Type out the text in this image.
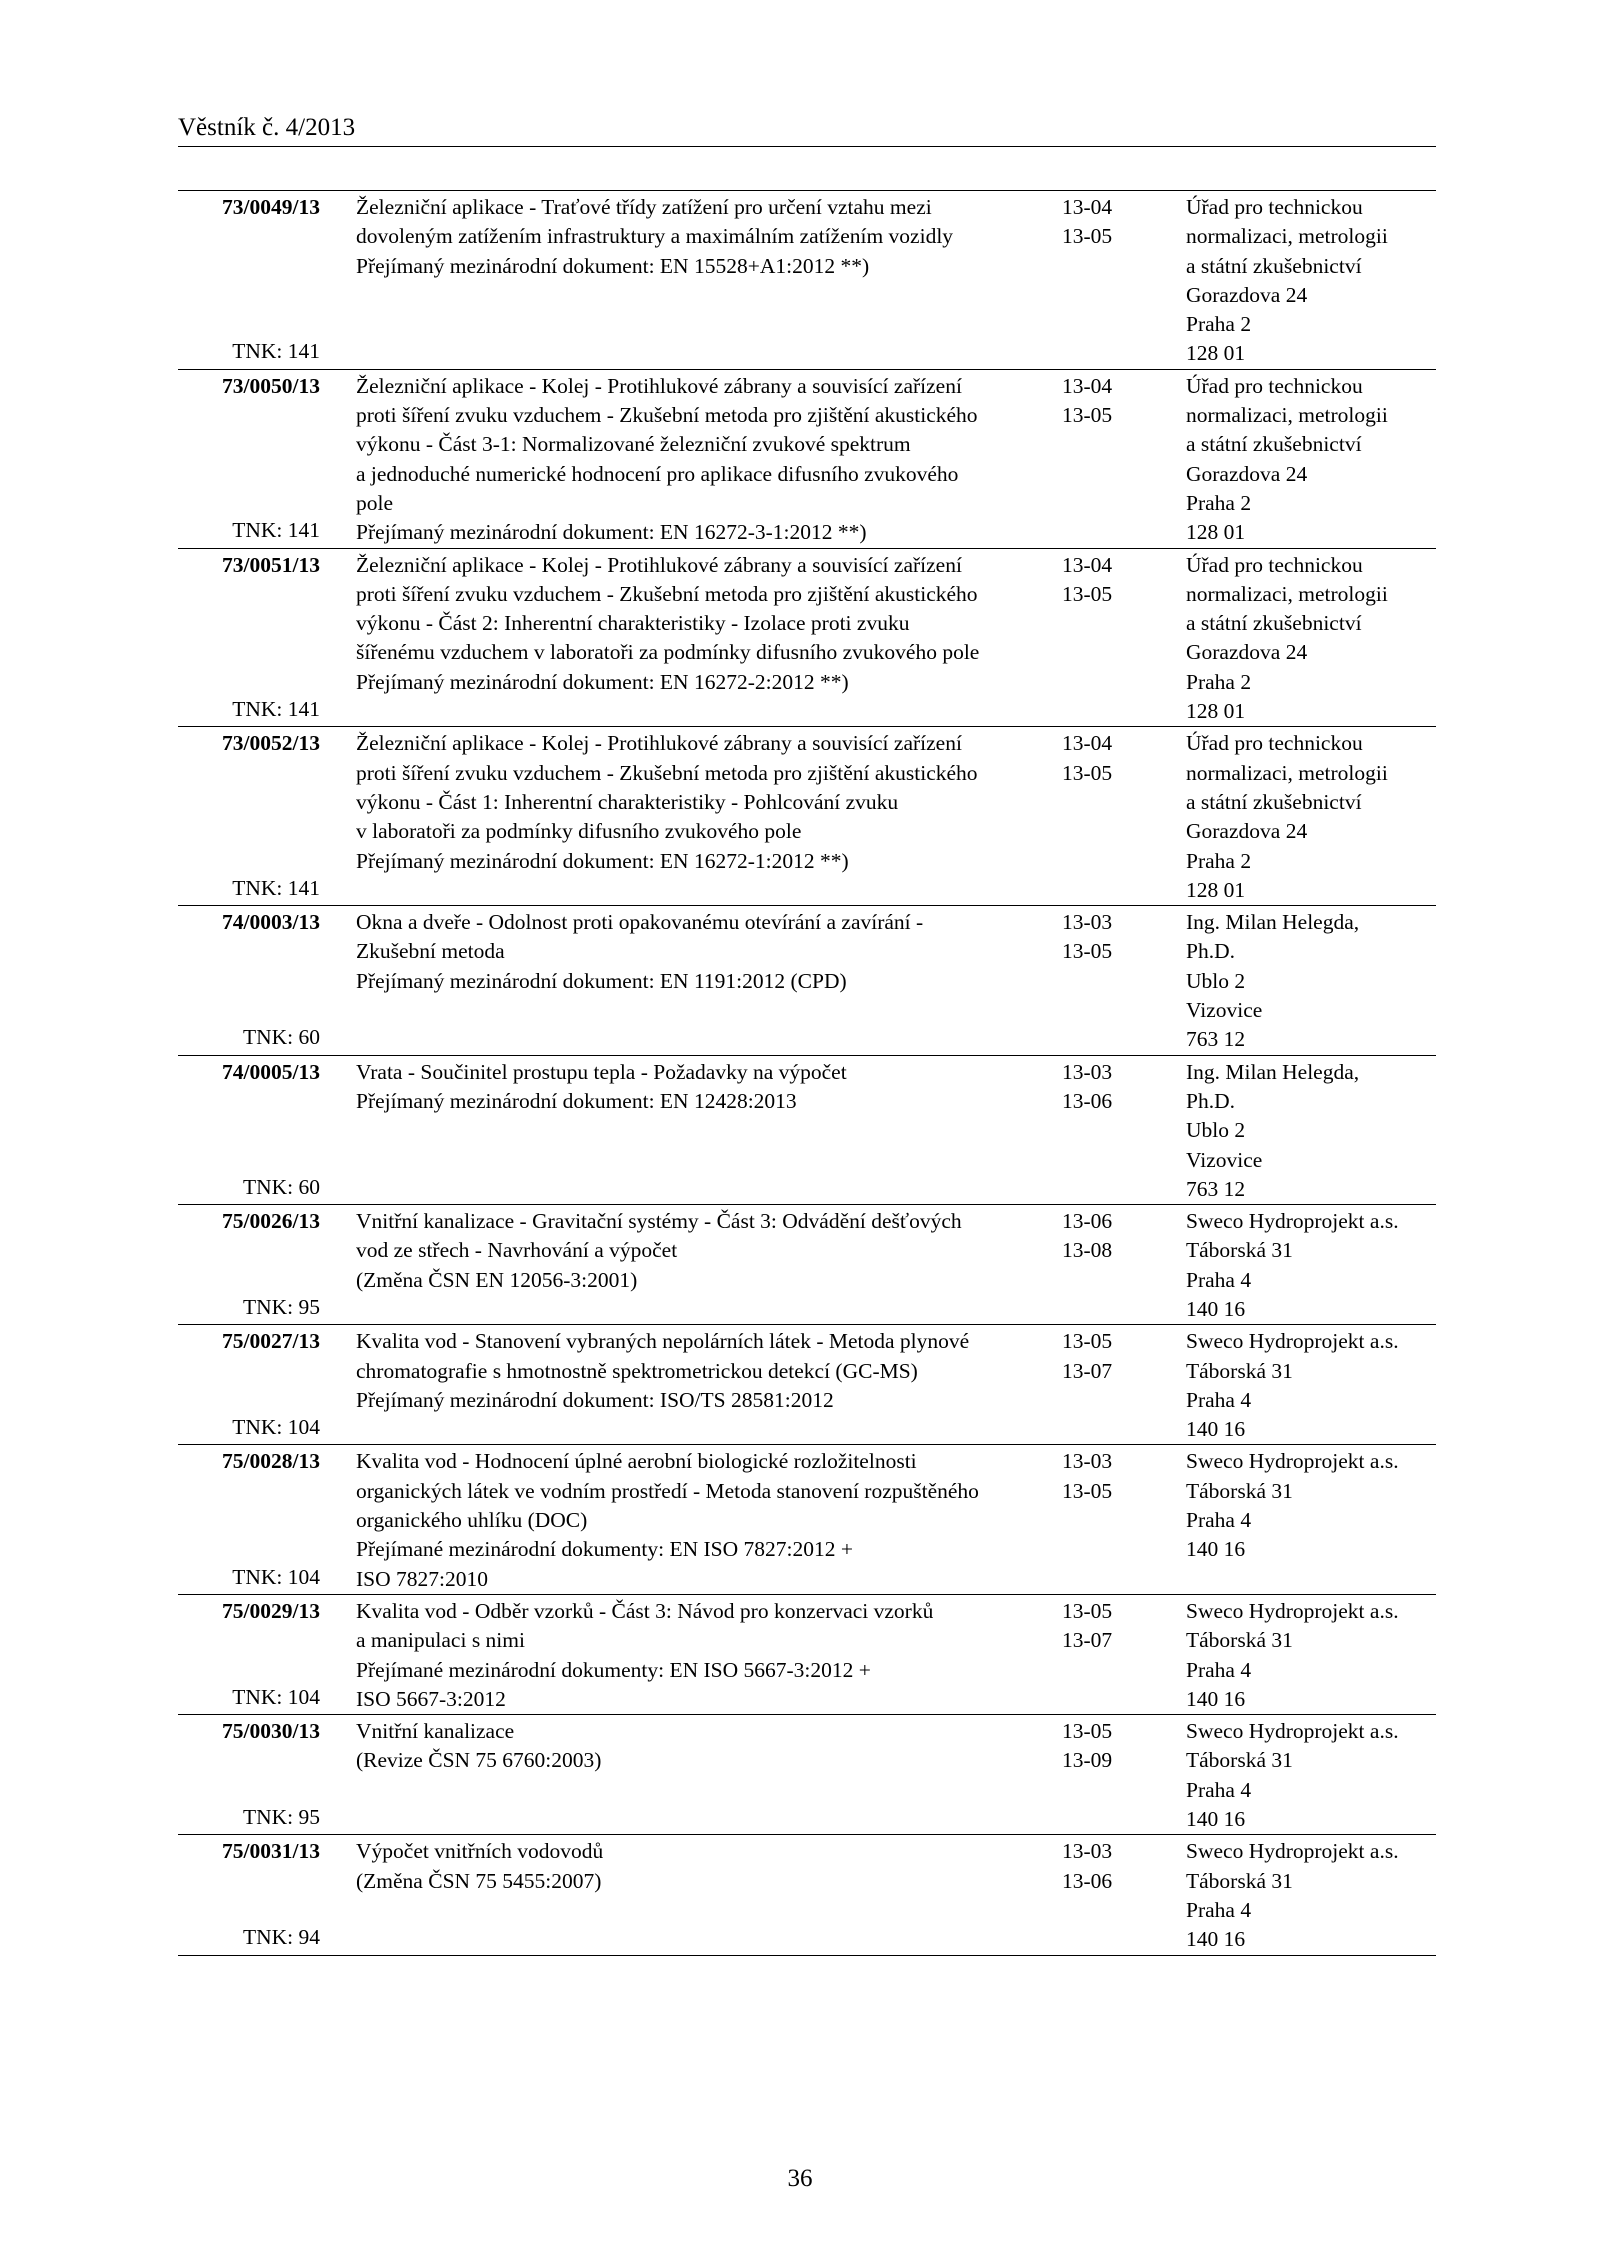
Věstník č. 4/2013
73/0049/13
TNK: 141
Železniční aplikace - Traťové třídy zatížení pro určení vztahu mezi
dovoleným zatížením infrastruktury a maximálním zatížením vozidly
Přejímaný mezinárodní dokument: EN 15528+A1:2012 **)
13-04
13-05
Úřad pro technickou
normalizaci, metrologii
a státní zkušebnictví
Gorazdova 24
Praha 2
128 01
73/0050/13
TNK: 141
Železniční aplikace - Kolej - Protihlukové zábrany a souvisící zařízení
proti šíření zvuku vzduchem - Zkušební metoda pro zjištění akustického
výkonu - Část 3-1: Normalizované železniční zvukové spektrum
a jednoduché numerické hodnocení pro aplikace difusního zvukového
pole
Přejímaný mezinárodní dokument: EN 16272-3-1:2012 **)
13-04
13-05
Úřad pro technickou
normalizaci, metrologii
a státní zkušebnictví
Gorazdova 24
Praha 2
128 01
73/0051/13
TNK: 141
Železniční aplikace - Kolej - Protihlukové zábrany a souvisící zařízení
proti šíření zvuku vzduchem - Zkušební metoda pro zjištění akustického
výkonu - Část 2: Inherentní charakteristiky - Izolace proti zvuku
šířenému vzduchem v laboratoři za podmínky difusního zvukového pole
Přejímaný mezinárodní dokument: EN 16272-2:2012 **)
13-04
13-05
Úřad pro technickou
normalizaci, metrologii
a státní zkušebnictví
Gorazdova 24
Praha 2
128 01
73/0052/13
TNK: 141
Železniční aplikace - Kolej - Protihlukové zábrany a souvisící zařízení
proti šíření zvuku vzduchem - Zkušební metoda pro zjištění akustického
výkonu - Část 1: Inherentní charakteristiky - Pohlcování zvuku
v laboratoři za podmínky difusního zvukového pole
Přejímaný mezinárodní dokument: EN 16272-1:2012 **)
13-04
13-05
Úřad pro technickou
normalizaci, metrologii
a státní zkušebnictví
Gorazdova 24
Praha 2
128 01
74/0003/13
TNK: 60
Okna a dveře - Odolnost proti opakovanému otevírání a zavírání -
Zkušební metoda
Přejímaný mezinárodní dokument: EN 1191:2012 (CPD)
13-03
13-05
Ing. Milan Helegda,
Ph.D.
Ublo 2
Vizovice
763 12
74/0005/13
TNK: 60
Vrata - Součinitel prostupu tepla - Požadavky na výpočet
Přejímaný mezinárodní dokument: EN 12428:2013
13-03
13-06
Ing. Milan Helegda,
Ph.D.
Ublo 2
Vizovice
763 12
75/0026/13
TNK: 95
Vnitřní kanalizace - Gravitační systémy - Část 3: Odvádění dešťových
vod ze střech - Navrhování a výpočet
(Změna ČSN EN 12056-3:2001)
13-06
13-08
Sweco Hydroprojekt a.s.
Táborská 31
Praha 4
140 16
75/0027/13
TNK: 104
Kvalita vod - Stanovení vybraných nepolárních látek - Metoda plynové
chromatografie s hmotnostně spektrometrickou detekcí (GC-MS)
Přejímaný mezinárodní dokument: ISO/TS 28581:2012
13-05
13-07
Sweco Hydroprojekt a.s.
Táborská 31
Praha 4
140 16
75/0028/13
TNK: 104
Kvalita vod - Hodnocení úplné aerobní biologické rozložitelnosti
organických látek ve vodním prostředí - Metoda stanovení rozpuštěného
organického uhlíku (DOC)
Přejímané mezinárodní dokumenty: EN ISO 7827:2012 +
ISO 7827:2010
13-03
13-05
Sweco Hydroprojekt a.s.
Táborská 31
Praha 4
140 16
75/0029/13
TNK: 104
Kvalita vod - Odběr vzorků - Část 3: Návod pro konzervaci vzorků
a manipulaci s nimi
Přejímané mezinárodní dokumenty: EN ISO 5667-3:2012 +
ISO 5667-3:2012
13-05
13-07
Sweco Hydroprojekt a.s.
Táborská 31
Praha 4
140 16
75/0030/13
TNK: 95
Vnitřní kanalizace
(Revize ČSN 75 6760:2003)
13-05
13-09
Sweco Hydroprojekt a.s.
Táborská 31
Praha 4
140 16
75/0031/13
TNK: 94
Výpočet vnitřních vodovodů
(Změna ČSN 75 5455:2007)
13-03
13-06
Sweco Hydroprojekt a.s.
Táborská 31
Praha 4
140 16
36
